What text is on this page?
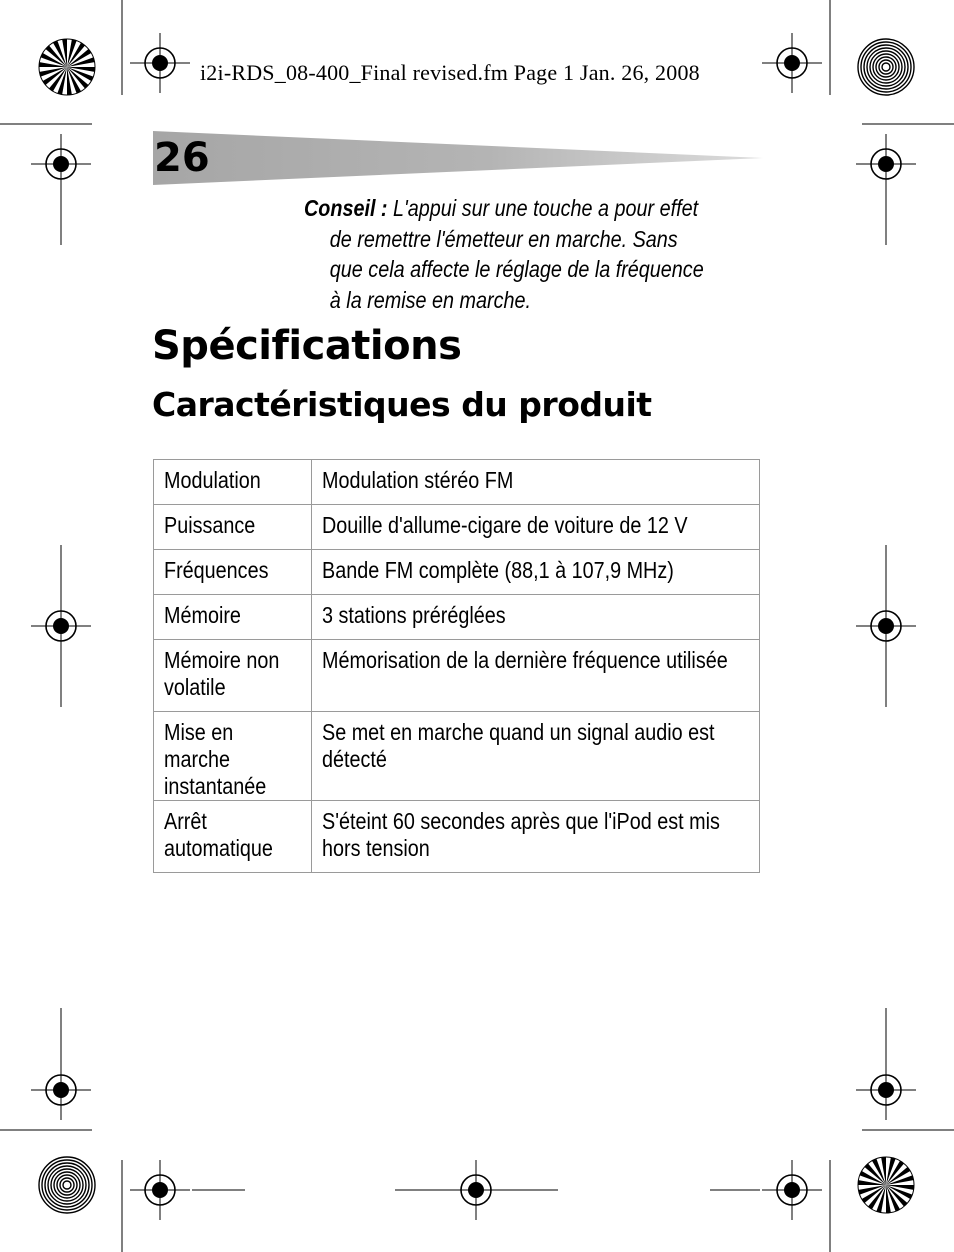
i2i-RDS_08-400_Final revised.fm Page 1 Jan. 26, 2008
26
Conseil : L'appui sur une touche a pour effet
de remettre l'émetteur en marche. Sans
que cela affecte le réglage de la fréquence
à la remise en marche.
Spécifications
Caractéristiques du produit
Modulation	Modulation stéréo FM

Puissance	Douille d'allume-cigare de voiture de 12 V

Fréquences	Bande FM complète (88,1 à 107,9 MHz)

Mémoire	3 stations préréglées

Mémoire non volatile	Mémorisation de la dernière fréquence utilisée

Mise en marche instantanée	Se met en marche quand un signal audio est détecté

Arrêt automatique	S'éteint 60 secondes après que l'iPod est mis hors tension
